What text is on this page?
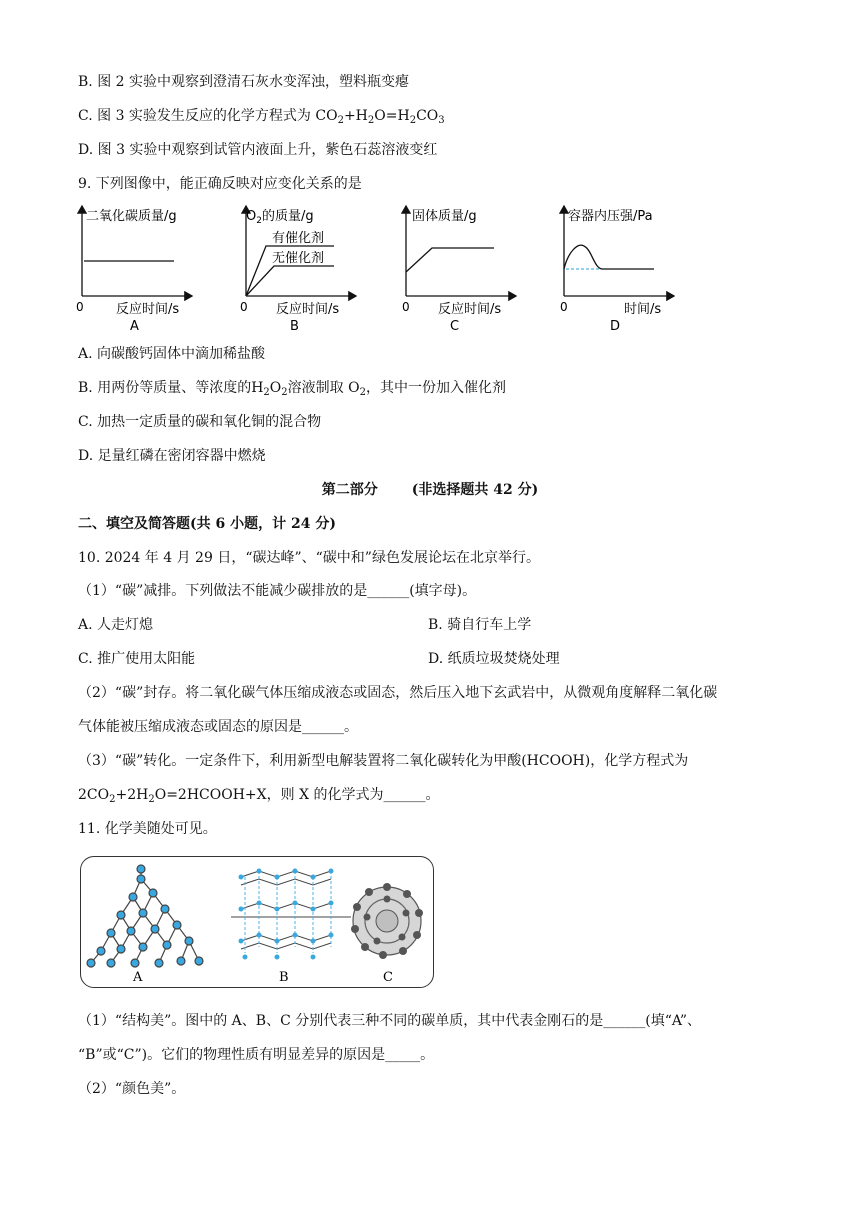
B. 图 2 实验中观察到澄清石灰水变浑浊，塑料瓶变瘪
C. 图 3 实验发生反应的化学方程式为 $CO_2+H_2O=H_2CO_3$
D. 图 3 实验中观察到试管内液面上升，紫色石蕊溶液变红
9. 下列图像中，能正确反映对应变化关系的是
二氧化碳质量/g
0 反应时间/s
A
$O_2$的质量/g
有催化剂
无催化剂
0 反应时间/s
B
固体质量/g
0 反应时间/s
C
容器内压强/Pa
0	时间/s
D
A. 向碳酸钙固体中滴加稀盐酸
B. 用两份等质量、等浓度的$H_2O_2$溶液制取 $O_2$，其中一份加入催化剂
C. 加热一定质量的碳和氧化铜的混合物
D. 足量红磷在密闭容器中燃烧
第二部分 (非选择题共 42 分)
二、填空及简答题(共 6 小题，计 24 分)
10. 2024 年 4 月 29 日，“碳达峰”、“碳中和”绿色发展论坛在北京举行。
（1）“碳”减排。下列做法不能减少碳排放的是______(填字母)。
A. 人走灯熄	B. 骑自行车上学
C. 推广使用太阳能	D. 纸质垃圾焚烧处理
（2）“碳”封存。将二氧化碳气体压缩成液态或固态，然后压入地下玄武岩中，从微观角度解释二氧化碳
气体能被压缩成液态或固态的原因是______。
（3）“碳”转化。一定条件下，利用新型电解装置将二氧化碳转化为甲酸(HCOOH)，化学方程式为
$2CO_2+2H_2O=2HCOOH+X$，则 X 的化学式为______。
11. 化学美随处可见。
A	B	C
（1）“结构美”。图中的 A、B、C 分别代表三种不同的碳单质，其中代表金刚石的是______(填“A”、
“B”或“C”)。它们的物理性质有明显差异的原因是_____。
（2）“颜色美”。
